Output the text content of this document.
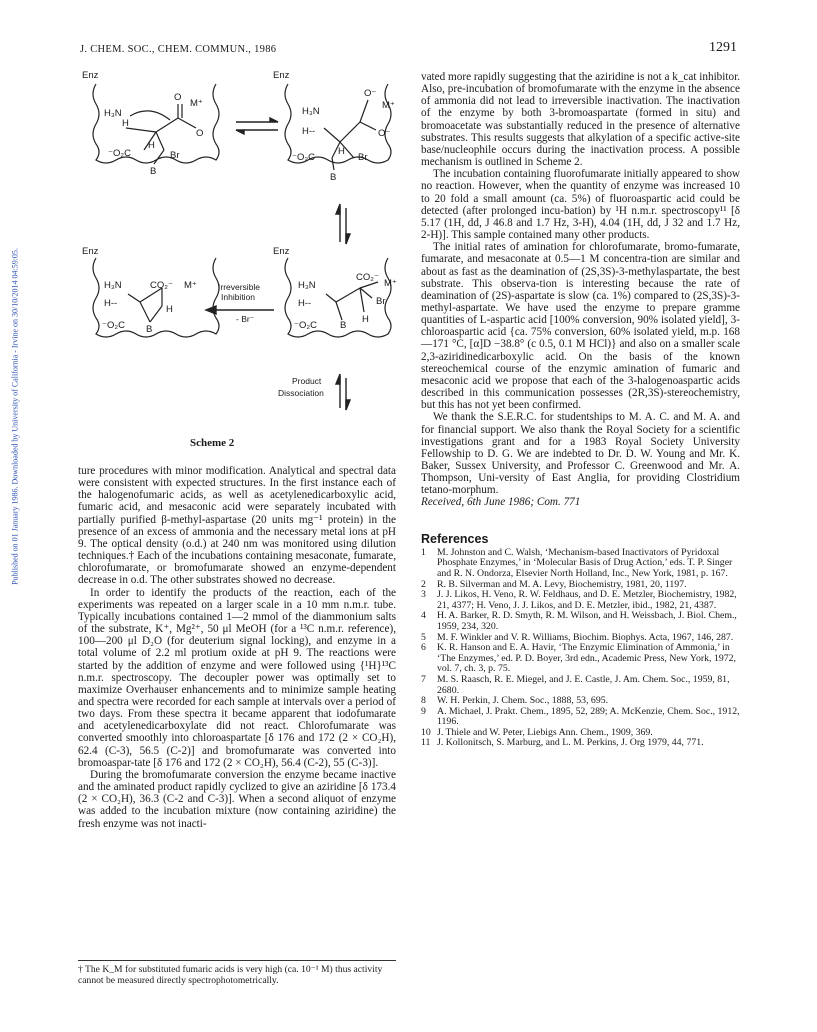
J. CHEM. SOC., CHEM. COMMUN., 1986	1291
Published on 01 January 1986. Downloaded by University of California - Irvine on 30/10/2014 04:59:05.
Enz	Enz
Enz	Enz
H₃N
H
O
M⁺
O
⁻O₂C
H
Br
B
H₃N
H--
O⁻
M⁺
O⁻
⁻O₂C
H
Br
B
H₃N
H--
CO₂⁻ M⁺
H
⁻O₂C B
H₃N
H--
CO₂⁻
M⁺
Br
⁻O₂C B
H
Irreversible
Inhibition
- Br⁻
Product
Dissociation
Scheme 2

ture procedures with minor modification. Analytical and spectral data were consistent with expected structures. In the first instance each of the halogenofumaric acids, as well as acetylenedicarboxylic acid, fumaric acid, and mesaconic acid were separately incubated with partially purified β-methyl-aspartase (20 units mg⁻¹ protein) in the presence of an excess of ammonia and the necessary metal ions at pH 9. The optical density (o.d.) at 240 nm was monitored using dilution techniques.† Each of the incubations containing mesaconate, fumarate, chlorofumarate, or bromofumarate showed an enzyme-dependent decrease in o.d. The other substrates showed no decrease.

In order to identify the products of the reaction, each of the experiments was repeated on a larger scale in a 10 mm n.m.r. tube. Typically incubations contained 1—2 mmol of the diammonium salts of the substrate, K⁺, Mg²⁺, 50 μl MeOH (for a ¹³C n.m.r. reference), 100—200 μl D₂O (for deuterium signal locking), and enzyme in a total volume of 2.2 ml protium oxide at pH 9. The reactions were started by the addition of enzyme and were followed using {¹H}¹³C n.m.r. spectroscopy. The decoupler power was optimally set to maximize Overhauser enhancements and to minimize sample heating and spectra were recorded for each sample at intervals over a period of two days. From these spectra it became apparent that iodofumarate and acetylenedicarboxylate did not react. Chlorofumarate was converted smoothly into chloroaspartate [δ 176 and 172 (2 × CO₂H), 62.4 (C-3), 56.5 (C-2)] and bromofumarate was converted into bromoaspar-tate [δ 176 and 172 (2 × CO₂H), 56.4 (C-2), 55 (C-3)].

During the bromofumarate conversion the enzyme became inactive and the aminated product rapidly cyclized to give an aziridine [δ 173.4 (2 × CO₂H), 36.3 (C-2 and C-3)]. When a second aliquot of enzyme was added to the incubation mixture (now containing aziridine) the fresh enzyme was not inacti-

† The K_M for substituted fumaric acids is very high (ca. 10⁻¹ M) thus activity cannot be measured directly spectrophotometrically.

vated more rapidly suggesting that the aziridine is not a k_cat inhibitor. Also, pre-incubation of bromofumarate with the enzyme in the absence of ammonia did not lead to irreversible inactivation. The inactivation of the enzyme by both 3-bromoaspartate (formed in situ) and bromoacetate was substantially reduced in the presence of alternative substrates. This results suggests that alkylation of a specific active-site base/nucleophile occurs during the inactivation process. A possible mechanism is outlined in Scheme 2.

The incubation containing fluorofumarate initially appeared to show no reaction. However, when the quantity of enzyme was increased 10 to 20 fold a small amount (ca. 5%) of fluoroaspartic acid could be detected (after prolonged incu-bation) by ¹H n.m.r. spectroscopy¹¹ [δ 5.17 (1H, dd, J 46.8 and 1.7 Hz, 3-H), 4.04 (1H, dd, J 32 and 1.7 Hz, 2-H)]. This sample contained many other products.

The initial rates of amination for chlorofumarate, bromo-fumarate, fumarate, and mesaconate at 0.5—1 M concentra-tion are similar and about as fast as the deamination of (2S,3S)-3-methylaspartate, the best substrate. This observa-tion is interesting because the rate of deamination of (2S)-aspartate is slow (ca. 1%) compared to (2S,3S)-3-methyl-aspartate. We have used the enzyme to prepare gramme quantities of L-aspartic acid [100% conversion, 90% isolated yield], 3-chloroaspartic acid {ca. 75% conversion, 60% isolated yield, m.p. 168—171 °C, [α]D −38.8° (c 0.5, 0.1 M HCl)} and also on a smaller scale 2,3-aziridinedicarboxylic acid. On the basis of the known stereochemical course of the enzymic amination of fumaric and mesaconic acid we propose that each of the 3-halogenoaspartic acids described in this communication possesses (2R,3S)-stereochemistry, but this has not yet been confirmed.

We thank the S.E.R.C. for studentships to M. A. C. and M. A. and for financial support. We also thank the Royal Society for a scientific investigations grant and for a 1983 Royal Society University Fellowship to D. G. We are indebted to Dr. D. W. Young and Mr. K. Baker, Sussex University, and Professor C. Greenwood and Mr. A. Thompson, Uni-versity of East Anglia, for providing Clostridium tetano-morphum.

Received, 6th June 1986; Com. 771

References
1	M. Johnston and C. Walsh, ‘Mechanism-based Inactivators of Pyridoxal Phosphate Enzymes,’ in ‘Molecular Basis of Drug Action,’ eds. T. P. Singer and R. N. Ondorza, Elsevier North Holland, Inc., New York, 1981, p. 167.
2	R. B. Silverman and M. A. Levy, Biochemistry, 1981, 20, 1197.
3	J. J. Likos, H. Veno, R. W. Feldhaus, and D. E. Metzler, Biochemistry, 1982, 21, 4377; H. Veno, J. J. Likos, and D. E. Metzler, ibid., 1982, 21, 4387.
4	H. A. Barker, R. D. Smyth, R. M. Wilson, and H. Weissbach, J. Biol. Chem., 1959, 234, 320.
5	M. F. Winkler and V. R. Williams, Biochim. Biophys. Acta, 1967, 146, 287.
6	K. R. Hanson and E. A. Havir, ‘The Enzymic Elimination of Ammonia,’ in ‘The Enzymes,’ ed. P. D. Boyer, 3rd edn., Academic Press, New York, 1972, vol. 7, ch. 3, p. 75.
7	M. S. Raasch, R. E. Miegel, and J. E. Castle, J. Am. Chem. Soc., 1959, 81, 2680.
8	W. H. Perkin, J. Chem. Soc., 1888, 53, 695.
9	A. Michael, J. Prakt. Chem., 1895, 52, 289; A. McKenzie, Chem. Soc., 1912, 1196.
10 J. Thiele and W. Peter, Liebigs Ann. Chem., 1909, 369.
11 J. Kollonitsch, S. Marburg, and L. M. Perkins, J. Org 1979, 44, 771.
